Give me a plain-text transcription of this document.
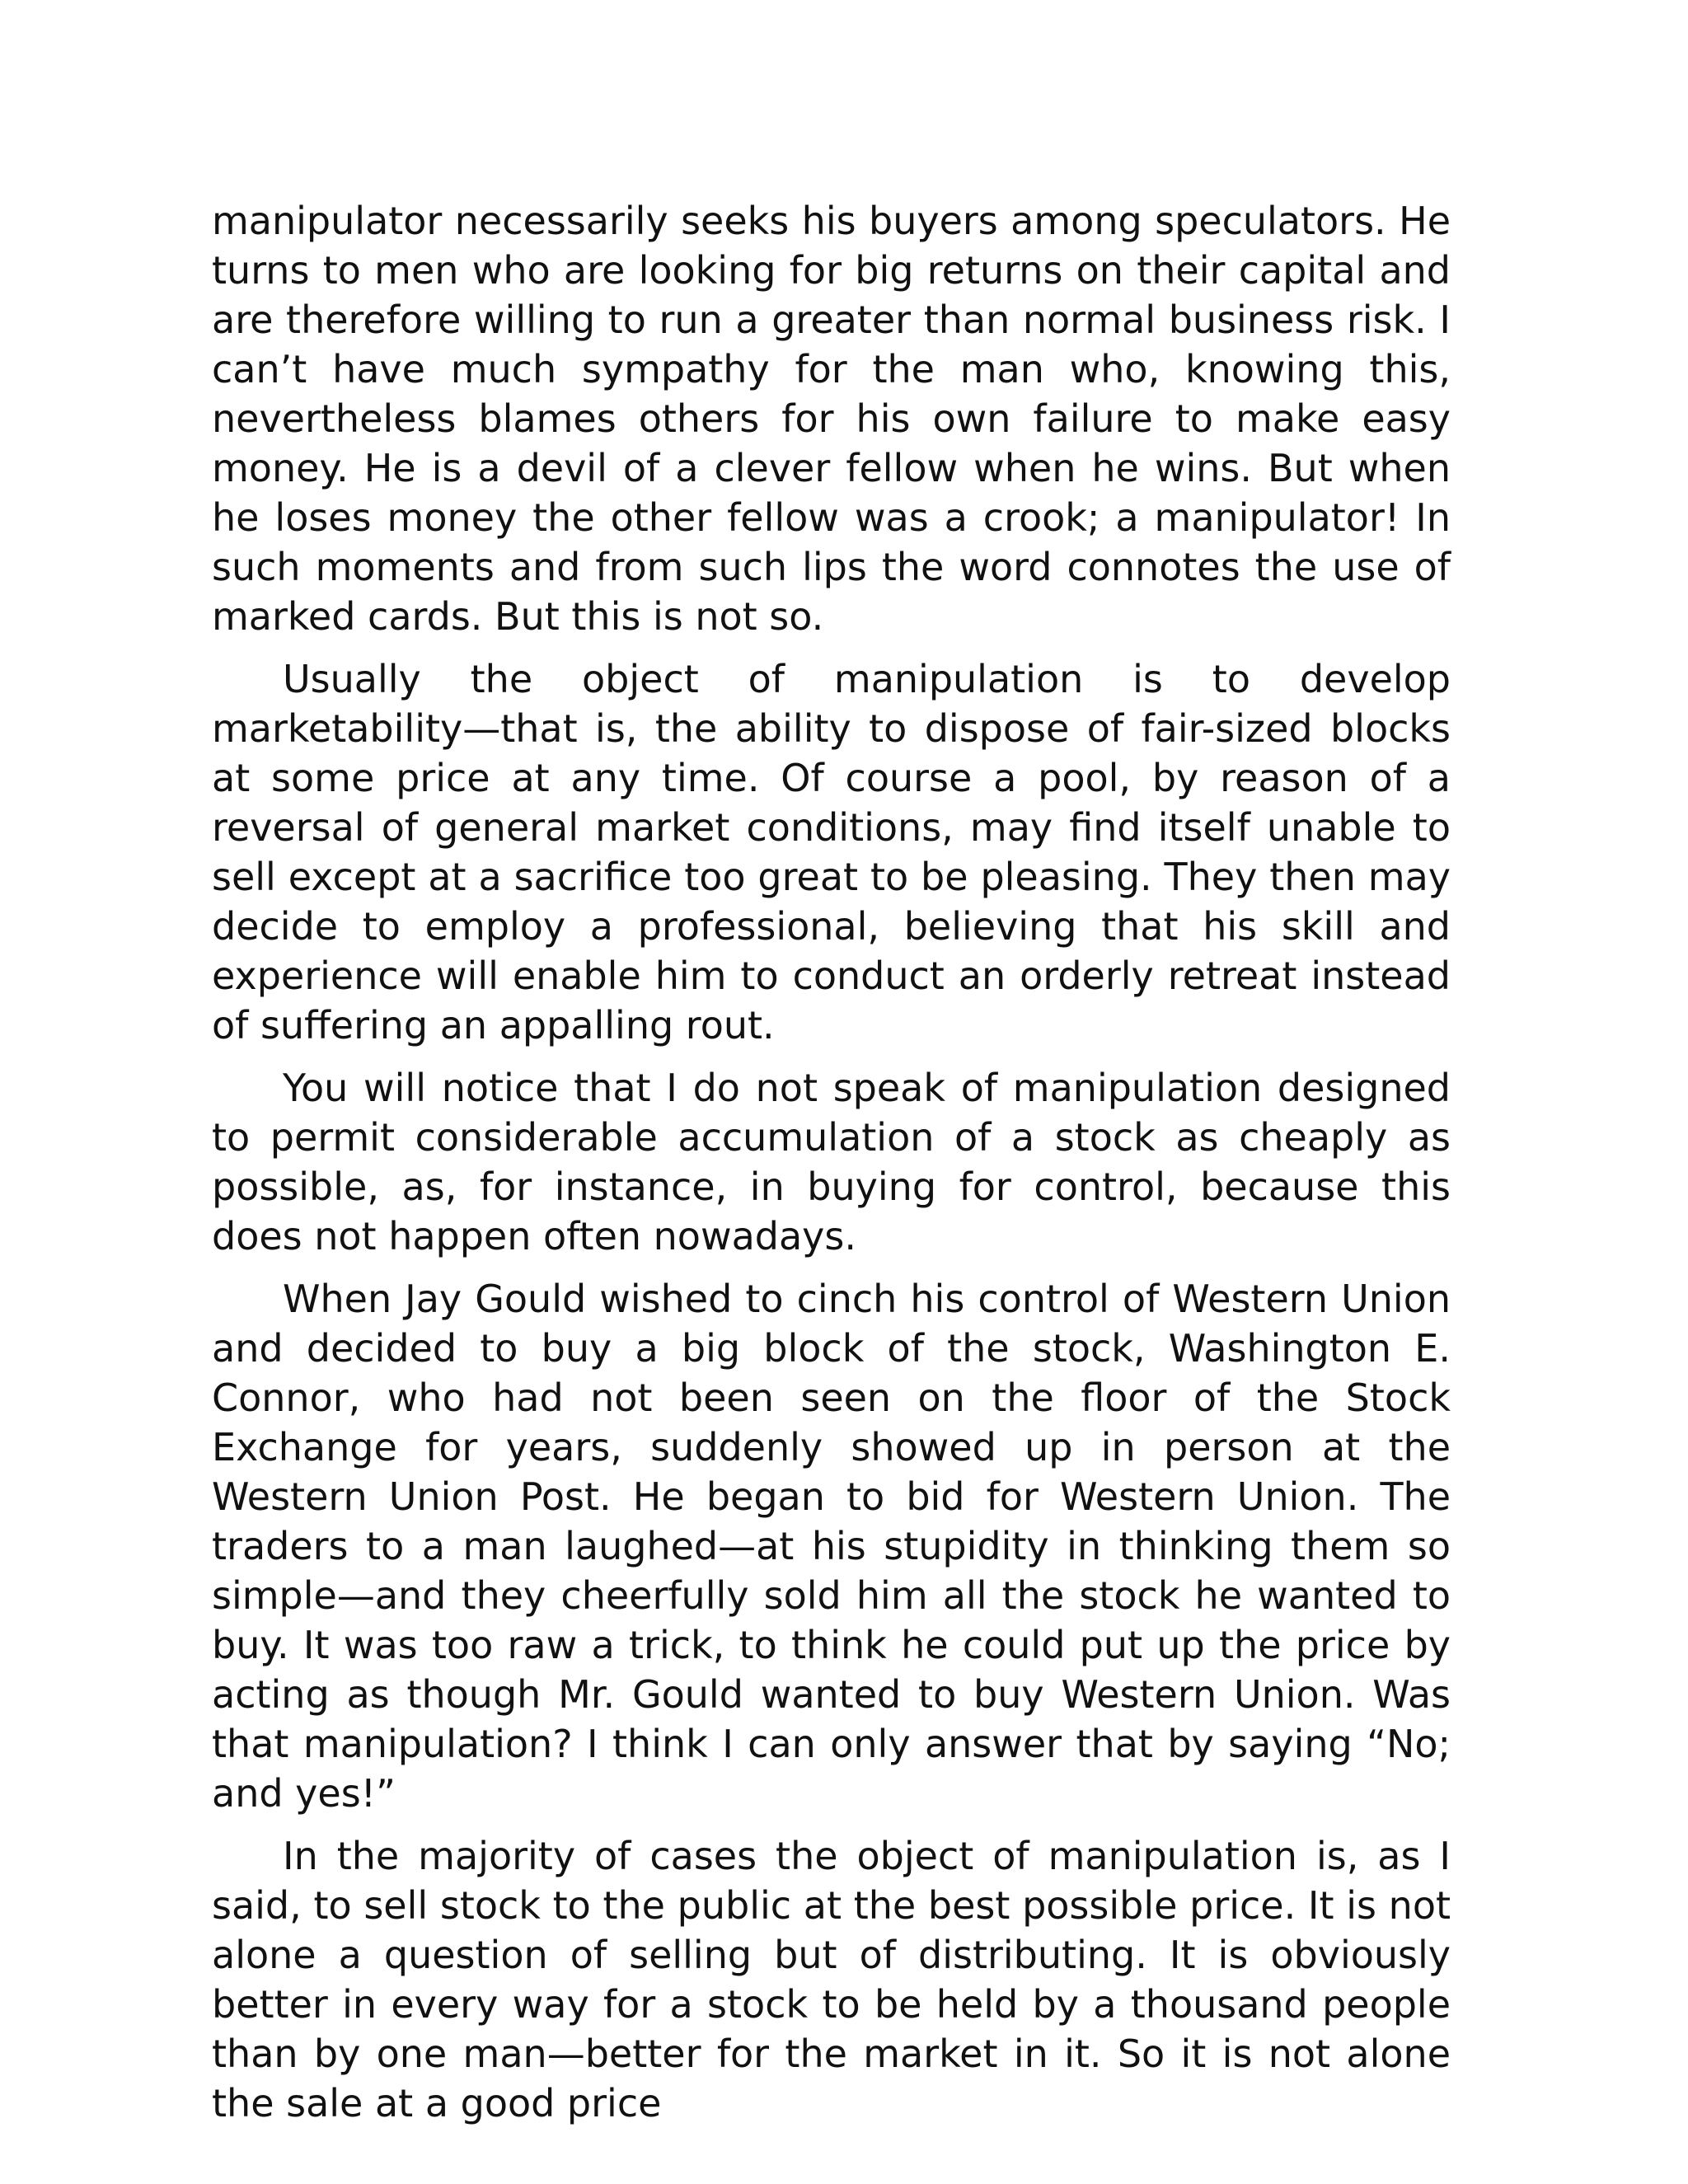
manipulator necessarily seeks his buyers among speculators. He turns to men who are looking for big returns on their capital and are therefore willing to run a greater than normal business risk. I can’t have much sympathy for the man who, knowing this, nevertheless blames others for his own failure to make easy money. He is a devil of a clever fellow when he wins. But when he loses money the other fellow was a crook; a manipulator! In such moments and from such lips the word connotes the use of marked cards. But this is not so.

Usually the object of manipulation is to develop marketability—that is, the ability to dispose of fair-sized blocks at some price at any time. Of course a pool, by reason of a reversal of general market conditions, may find itself unable to sell except at a sacrifice too great to be pleasing. They then may decide to employ a professional, believing that his skill and experience will enable him to conduct an orderly retreat instead of suffering an appalling rout.

You will notice that I do not speak of manipulation designed to permit considerable accumulation of a stock as cheaply as possible, as, for instance, in buying for control, because this does not happen often nowadays.

When Jay Gould wished to cinch his control of Western Union and decided to buy a big block of the stock, Washington E. Connor, who had not been seen on the floor of the Stock Exchange for years, suddenly showed up in person at the Western Union Post. He began to bid for Western Union. The traders to a man laughed—at his stupidity in thinking them so simple—and they cheerfully sold him all the stock he wanted to buy. It was too raw a trick, to think he could put up the price by acting as though Mr. Gould wanted to buy Western Union. Was that manipulation? I think I can only answer that by saying “No; and yes!”

In the majority of cases the object of manipulation is, as I said, to sell stock to the public at the best possible price. It is not alone a question of selling but of distributing. It is obviously better in every way for a stock to be held by a thousand people than by one man—better for the market in it. So it is not alone the sale at a good price
